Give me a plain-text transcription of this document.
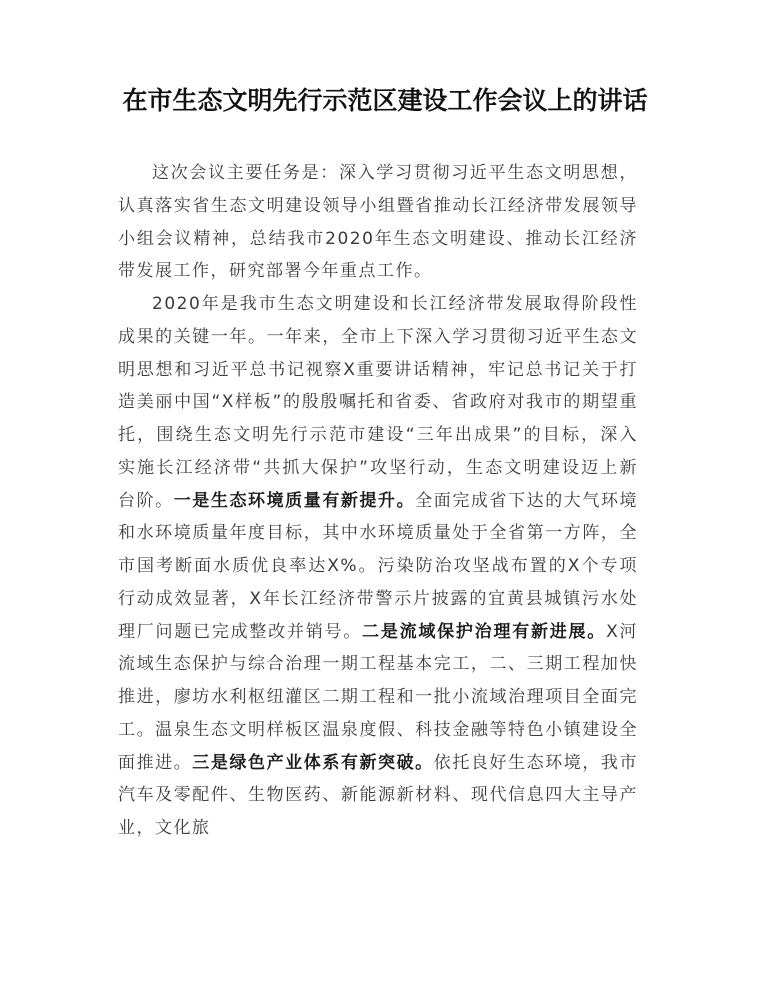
在市生态文明先行示范区建设工作会议上的讲话

这次会议主要任务是：深入学习贯彻习近平生态文明思想，认真落实省生态文明建设领导小组暨省推动长江经济带发展领导小组会议精神，总结我市2020年生态文明建设、推动长江经济带发展工作，研究部署今年重点工作。

2020年是我市生态文明建设和长江经济带发展取得阶段性成果的关键一年。一年来，全市上下深入学习贯彻习近平生态文明思想和习近平总书记视察X重要讲话精神，牢记总书记关于打造美丽中国“X样板”的殷殷嘱托和省委、省政府对我市的期望重托，围绕生态文明先行示范市建设“三年出成果”的目标，深入实施长江经济带“共抓大保护”攻坚行动，生态文明建设迈上新台阶。一是生态环境质量有新提升。全面完成省下达的大气环境和水环境质量年度目标，其中水环境质量处于全省第一方阵，全市国考断面水质优良率达X%。污染防治攻坚战布置的X个专项行动成效显著，X年长江经济带警示片披露的宜黄县城镇污水处理厂问题已完成整改并销号。二是流域保护治理有新进展。X河流域生态保护与综合治理一期工程基本完工，二、三期工程加快推进，廖坊水利枢纽灌区二期工程和一批小流域治理项目全面完工。温泉生态文明样板区温泉度假、科技金融等特色小镇建设全面推进。三是绿色产业体系有新突破。依托良好生态环境，我市汽车及零配件、生物医药、新能源新材料、现代信息四大主导产业，文化旅
